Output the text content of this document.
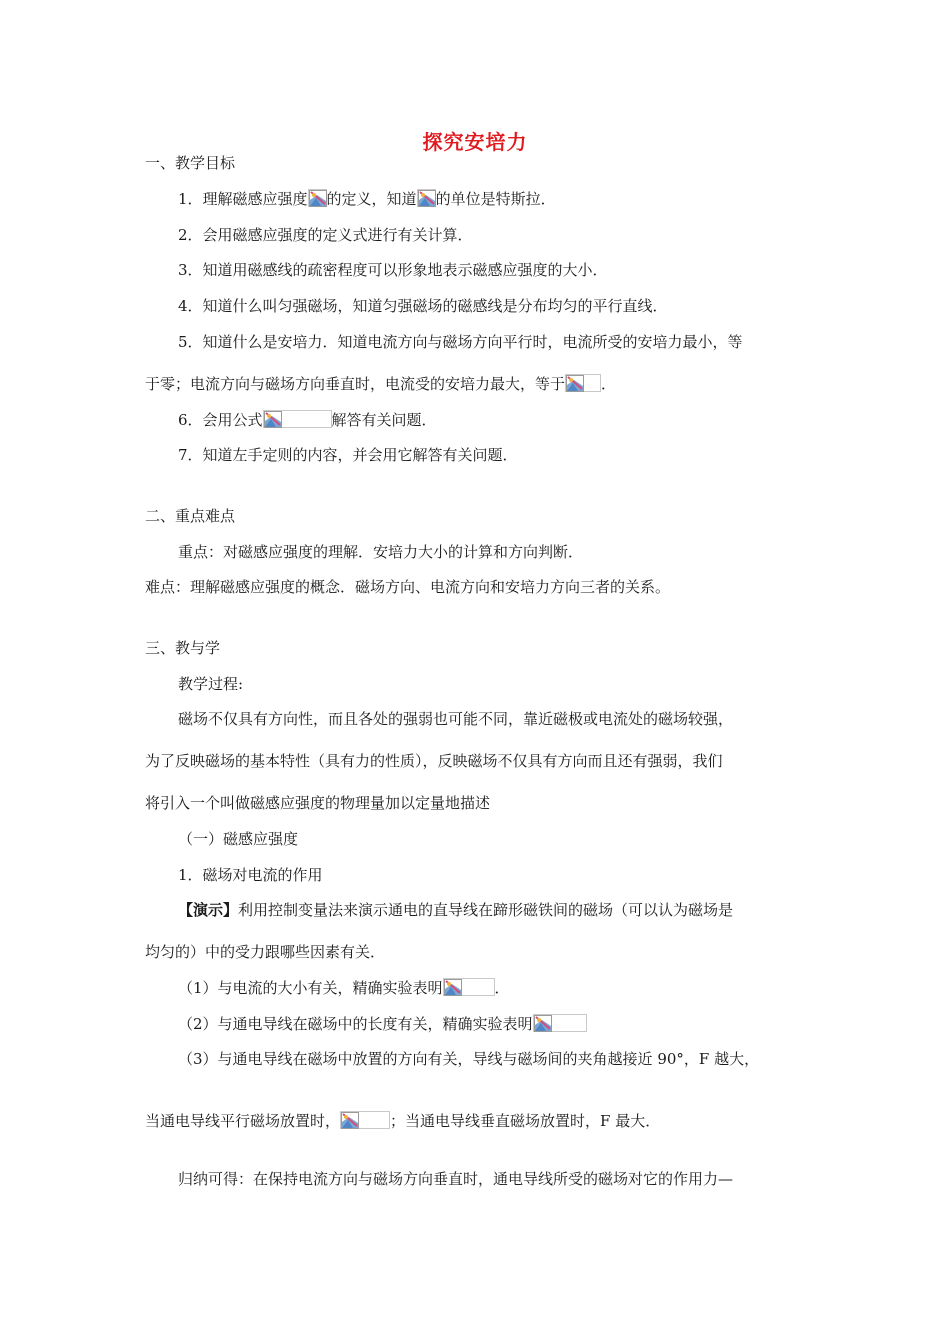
探究安培力
一、教学目标
1．理解磁感应强度 的定义，知道 的单位是特斯拉．
2．会用磁感应强度的定义式进行有关计算．
3．知道用磁感线的疏密程度可以形象地表示磁感应强度的大小．
4．知道什么叫匀强磁场，知道匀强磁场的磁感线是分布均匀的平行直线．
5．知道什么是安培力．知道电流方向与磁场方向平行时，电流所受的安培力最小，等
于零；电流方向与磁场方向垂直时，电流受的安培力最大，等于 ．
6．会用公式	解答有关问题．
7．知道左手定则的内容，并会用它解答有关问题．
二、重点难点
重点：对磁感应强度的理解．安培力大小的计算和方向判断．
难点：理解磁感应强度的概念．磁场方向、电流方向和安培力方向三者的关系。
三、教与学
教学过程:
磁场不仅具有方向性，而且各处的强弱也可能不同，靠近磁极或电流处的磁场较强，
为了反映磁场的基本特性（具有力的性质），反映磁场不仅具有方向而且还有强弱，我们
将引入一个叫做磁感应强度的物理量加以定量地描述
（一）磁感应强度
1．磁场对电流的作用
【演示】利用控制变量法来演示通电的直导线在蹄形磁铁间的磁场（可以认为磁场是
均匀的）中的受力跟哪些因素有关．
（1）与电流的大小有关，精确实验表明	．
（2）与通电导线在磁场中的长度有关，精确实验表明
（3）与通电导线在磁场中放置的方向有关，导线与磁场间的夹角越接近 90°，F 越大，
当通电导线平行磁场放置时，	；当通电导线垂直磁场放置时，F 最大．
归纳可得：在保持电流方向与磁场方向垂直时，通电导线所受的磁场对它的作用力—
